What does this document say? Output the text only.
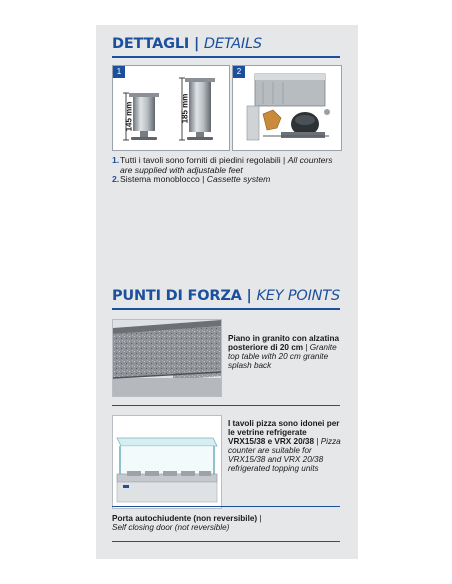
DETTAGLI | DETAILS
1
145 mm	185 mm
2
1. Tutti i tavoli sono forniti di piedini regolabili | All counters are supplied with adjustable feet
2. Sistema monoblocco | Cassette system
PUNTI DI FORZA | KEY POINTS
Piano in granito con alzatina posteriore di 20 cm | Granite top table with 20 cm granite splash back
I tavoli pizza sono idonei per le vetrine refrigerate VRX15/38 e VRX 20/38 | Pizza counter are suitable for VRX15/38 and VRX 20/38 refrigerated topping units
Porta autochiudente (non reversibile) |
Self closing door (not reversible)
